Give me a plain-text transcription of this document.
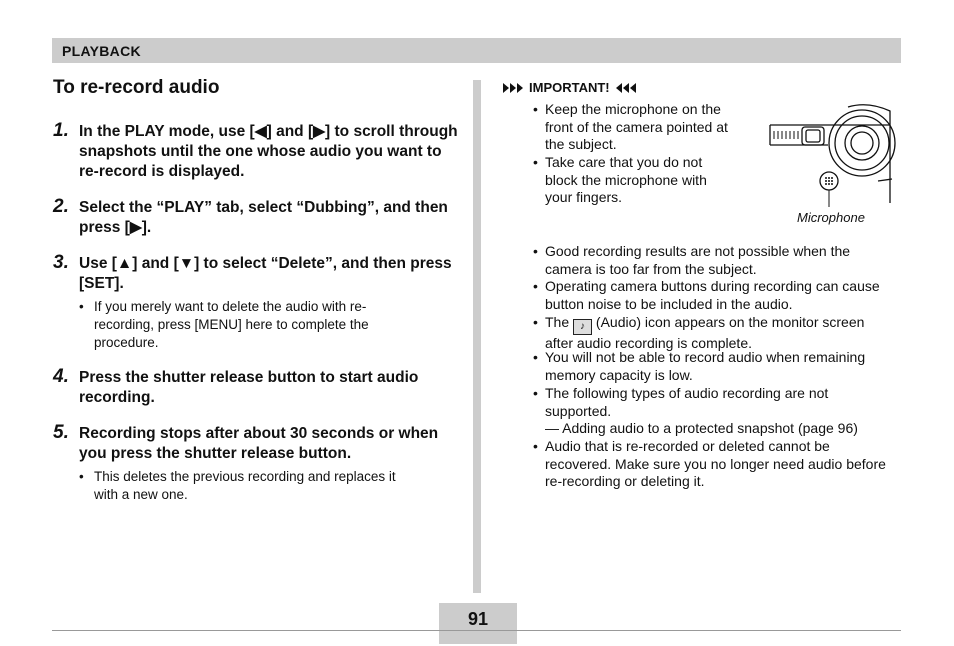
PLAYBACK
To re-record audio
1. In the PLAY mode, use [◀] and [▶] to scroll through snapshots until the one whose audio you want to re-record is displayed.
2. Select the “PLAY” tab, select “Dubbing”, and then press [▶].
3. Use [▲] and [▼] to select “Delete”, and then press [SET].
• If you merely want to delete the audio with re-recording, press [MENU] here to complete the procedure.
4. Press the shutter release button to start audio recording.
5. Recording stops after about 30 seconds or when you press the shutter release button.
• This deletes the previous recording and replaces it with a new one.
IMPORTANT!
• Keep the microphone on the front of the camera pointed at the subject.
• Take care that you do not block the microphone with your fingers.
Microphone
• Good recording results are not possible when the camera is too far from the subject.
• Operating camera buttons during recording can cause button noise to be included in the audio.
• The ♪ (Audio) icon appears on the monitor screen after audio recording is complete.
• You will not be able to record audio when remaining memory capacity is low.
• The following types of audio recording are not supported.
— Adding audio to a protected snapshot (page 96)
• Audio that is re-recorded or deleted cannot be recovered. Make sure you no longer need audio before re-recording or deleting it.
91
